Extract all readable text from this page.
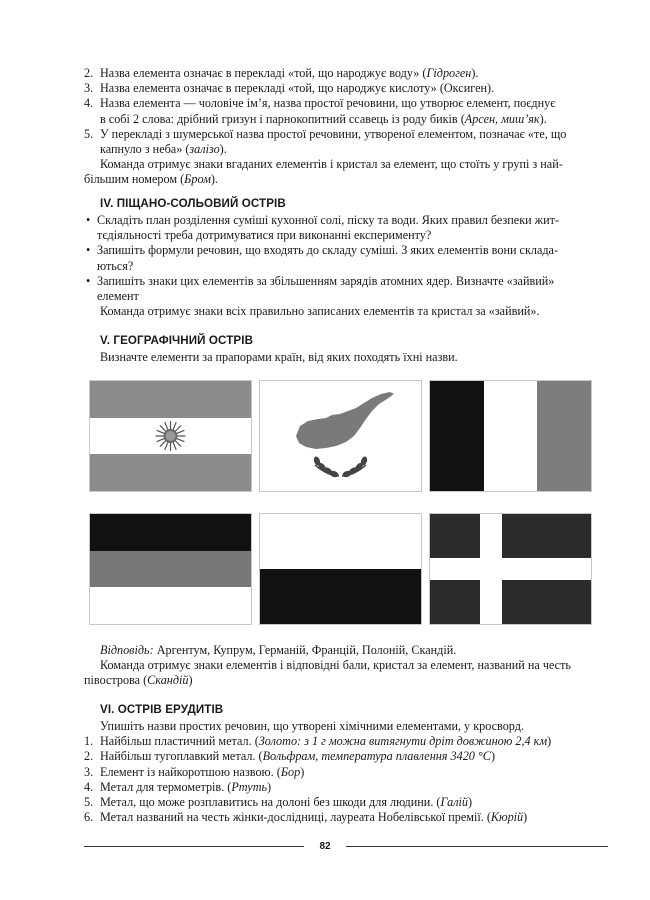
2. Назва елемента означає в перекладі «той, що народжує воду» (Гідроген).
3. Назва елемента означає в перекладі «той, що народжує кислоту» (Оксиген).
4. Назва елемента — чоловіче ім’я, назва простої речовини, що утворює елемент, поєднує
в собі 2 слова: дрібний гризун і парнокопитний ссавець із роду биків (Арсен, миш’як).
5. У перекладі з шумерської назва простої речовини, утвореної елементом, позначає «те, що
капнуло з неба» (залізо).
Команда отримує знаки вгаданих елементів і кристал за елемент, що стоїть у групі з най-
більшим номером (Бром).
IV. ПІЩАНО-СОЛЬОВИЙ ОСТРІВ
• Складіть план розділення суміші кухонної солі, піску та води. Яких правил безпеки жит-
тєдіяльності треба дотримуватися при виконанні експерименту?
• Запишіть формули речовин, що входять до складу суміші. З яких елементів вони склада-
ються?
• Запишіть знаки цих елементів за збільшенням зарядів атомних ядер. Визначте «зайвий»
елемент
Команда отримує знаки всіх правильно записаних елементів та кристал за «зайвий».
V. ГЕОГРАФІЧНИЙ ОСТРІВ
Визначте елементи за прапорами країн, від яких походять їхні назви.
Відповідь: Аргентум, Купрум, Германій, Францій, Полоній, Скандій.
Команда отримує знаки елементів і відповідні бали, кристал за елемент, названий на честь
півострова (Скандій)
VI. ОСТРІВ ЕРУДИТІВ
Упишіть назви простих речовин, що утворені хімічними елементами, у кросворд.
1. Найбільш пластичний метал. (Золото: з 1 г можна витягнути дріт довжиною 2,4 км)
2. Найбільш тугоплавкий метал. (Вольфрам, температура плавлення 3420 °С)
3. Елемент із найкоротшою назвою. (Бор)
4. Метал для термометрів. (Ртуть)
5. Метал, що може розплавитись на долоні без шкоди для людини. (Галій)
6. Метал названий на честь жінки-дослідниці, лауреата Нобелівської премії. (Кюрій)
82
